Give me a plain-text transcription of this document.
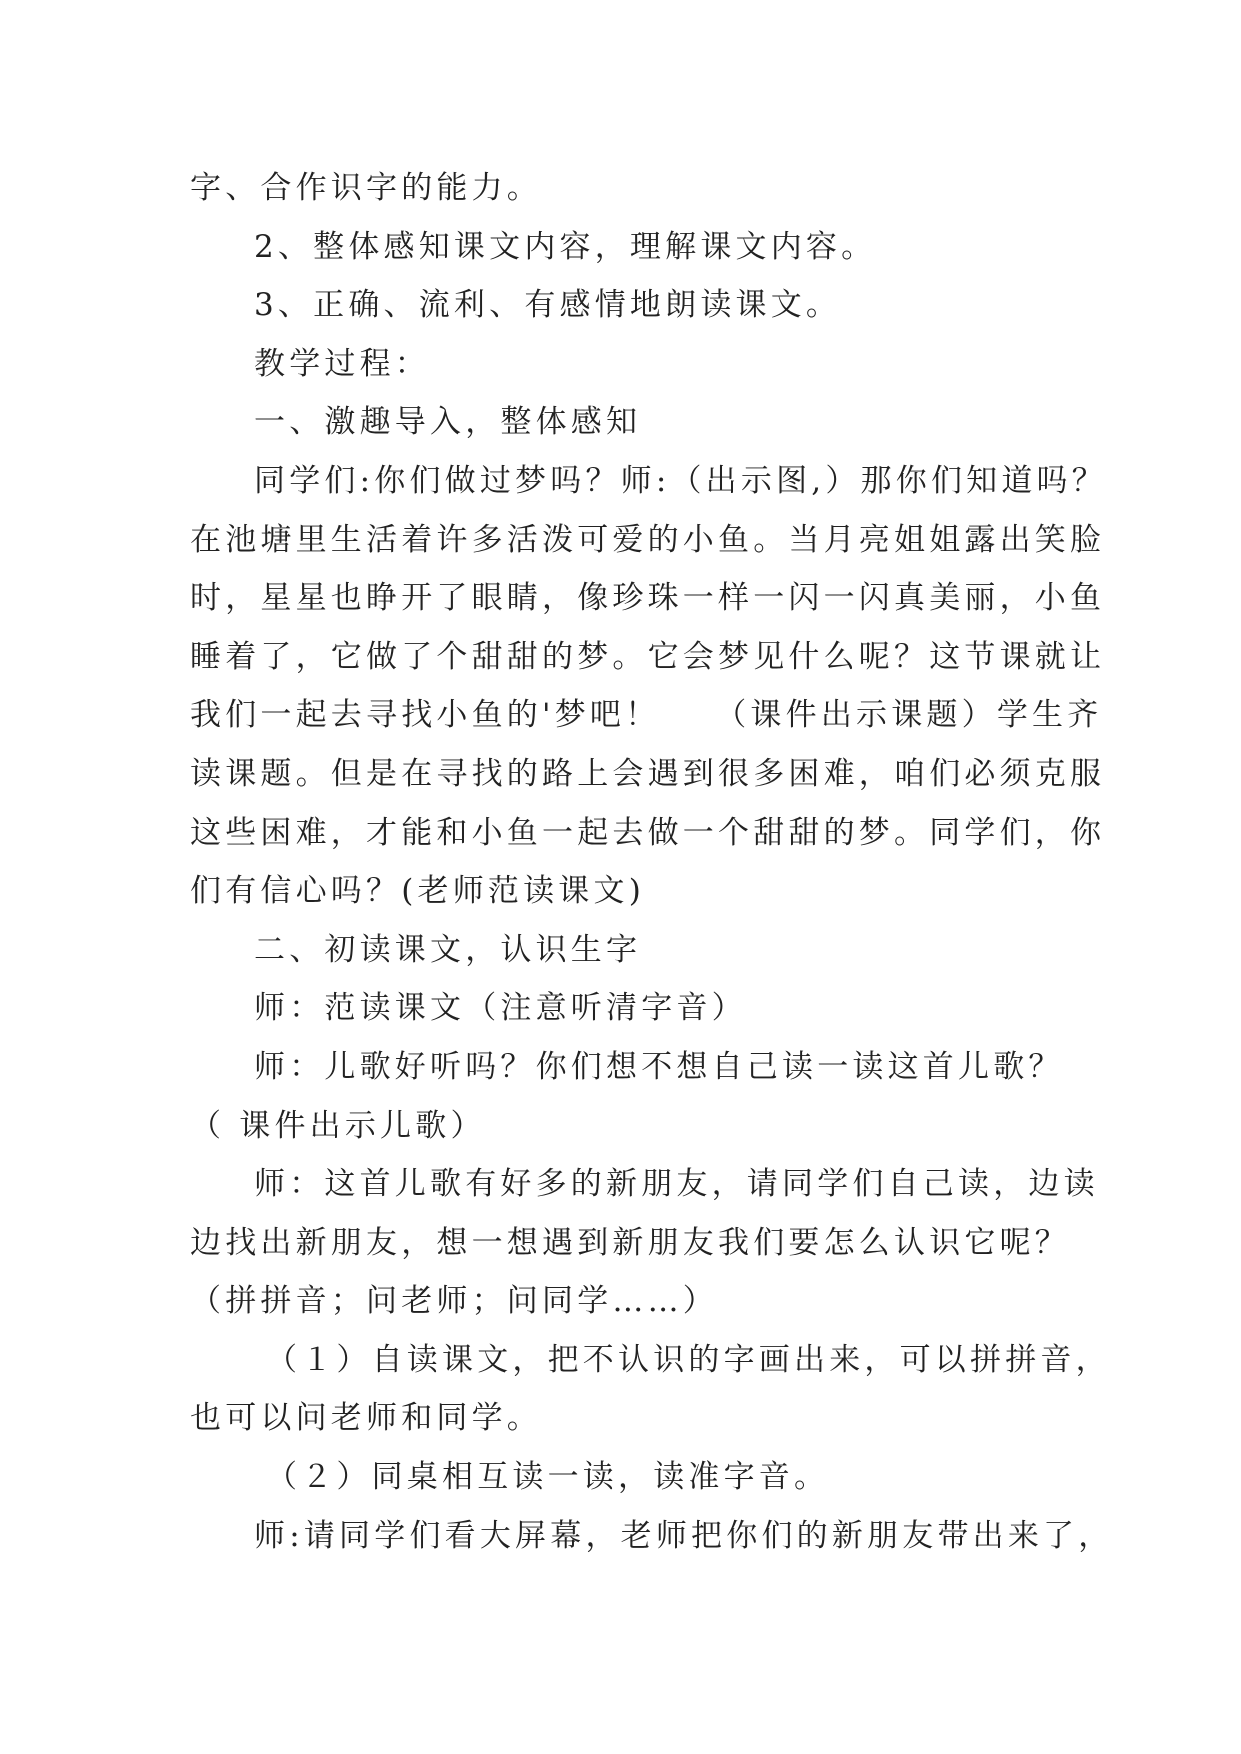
字、合作识字的能力。
2、整体感知课文内容，理解课文内容。
3、正确、流利、有感情地朗读课文。
教学过程：
一、激趣导入，整体感知
同学们:你们做过梦吗？师:（出示图,）那你们知道吗？
在池塘里生活着许多活泼可爱的小鱼。当月亮姐姐露出笑脸
时，星星也睁开了眼睛，像珍珠一样一闪一闪真美丽，小鱼
睡着了，它做了个甜甜的梦。它会梦见什么呢？这节课就让
我们一起去寻找小鱼的'梦吧！　　（课件出示课题）学生齐
读课题。但是在寻找的路上会遇到很多困难，咱们必须克服
这些困难，才能和小鱼一起去做一个甜甜的梦。同学们，你
们有信心吗？(老师范读课文)
二、初读课文，认识生字
师：范读课文（注意听清字音）
师：儿歌好听吗？你们想不想自己读一读这首儿歌？
（ 课件出示儿歌）
师：这首儿歌有好多的新朋友，请同学们自己读，边读
边找出新朋友，想一想遇到新朋友我们要怎么认识它呢？
（拼拼音；问老师；问同学……）
（１）自读课文，把不认识的字画出来，可以拼拼音，
也可以问老师和同学。
（２）同桌相互读一读，读准字音。
师:请同学们看大屏幕，老师把你们的新朋友带出来了，
